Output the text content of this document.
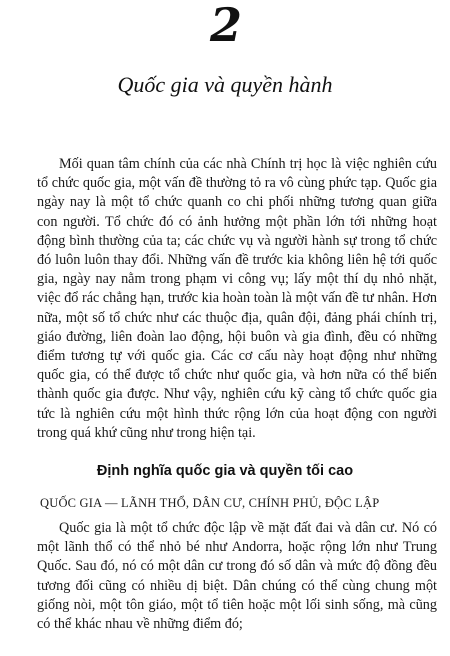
2
Quốc gia và quyền hành

Mối quan tâm chính của các nhà Chính trị học là việc nghiên cứu tổ chức quốc gia, một vấn đề thường tỏ ra vô cùng phức tạp. Quốc gia ngày nay là một tổ chức quanh co chi phối những tương quan giữa con người. Tổ chức đó có ảnh hưởng một phần lớn tới những hoạt động bình thường của ta; các chức vụ và người hành sự trong tổ chức đó luôn luôn thay đổi. Những vấn đề trước kia không liên hệ tới quốc gia, ngày nay nằm trong phạm vi công vụ; lấy một thí dụ nhỏ nhặt, việc đổ rác chẳng hạn, trước kia hoàn toàn là một vấn đề tư nhân. Hơn nữa, một số tổ chức như các thuộc địa, quân đội, đảng phái chính trị, giáo đường, liên đoàn lao động, hội buôn và gia đình, đều có những điểm tương tự với quốc gia. Các cơ cấu này hoạt động như những quốc gia, có thể được tổ chức như quốc gia, và hơn nữa có thể biến thành quốc gia được. Như vậy, nghiên cứu kỹ càng tổ chức quốc gia tức là nghiên cứu một hình thức rộng lớn của hoạt động con người trong quá khứ cũng như trong hiện tại.

Định nghĩa quốc gia và quyền tối cao
QUỐC GIA — LÃNH THỔ, DÂN CƯ, CHÍNH PHỦ, ĐỘC LẬP

Quốc gia là một tổ chức độc lập về mặt đất đai và dân cư. Nó có một lãnh thổ có thể nhỏ bé như Andorra, hoặc rộng lớn như Trung Quốc. Sau đó, nó có một dân cư trong đó số dân và mức độ đồng đều tương đối cũng có nhiều dị biệt. Dân chúng có thể cùng chung một giống nòi, một tôn giáo, một tổ tiên hoặc một lối sinh sống, mà cũng có thể khác nhau về những điểm đó;
